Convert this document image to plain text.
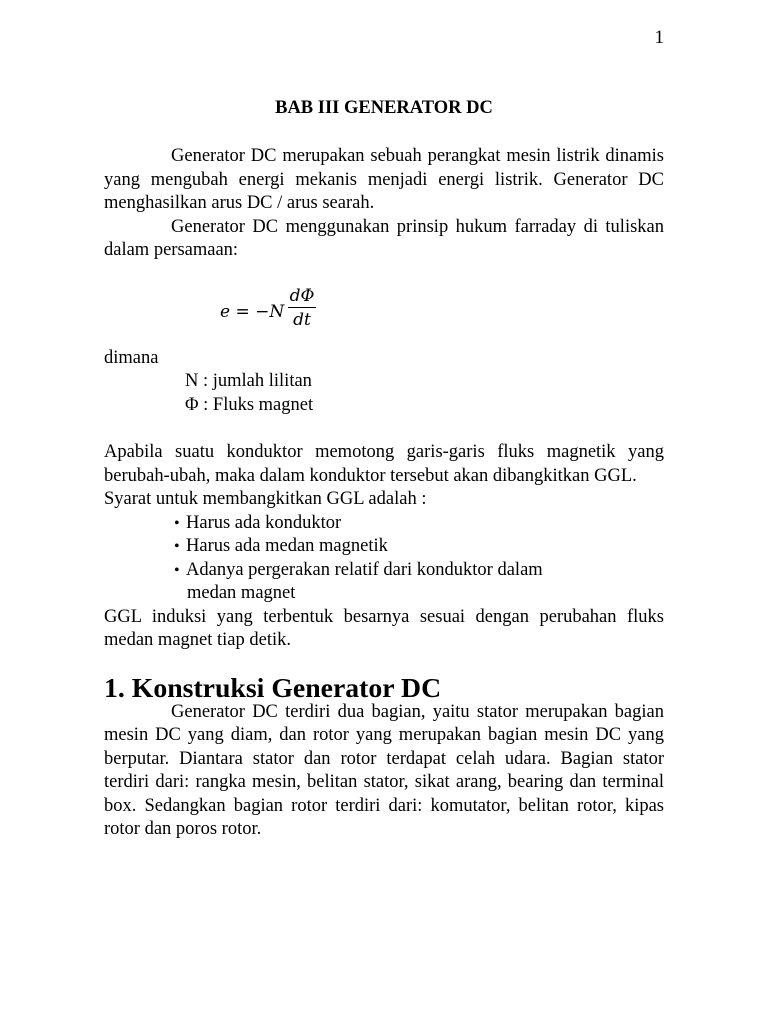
1
BAB III GENERATOR DC

Generator DC merupakan sebuah perangkat mesin listrik dinamis yang mengubah energi mekanis menjadi energi listrik. Generator DC menghasilkan arus DC / arus searah.

Generator DC menggunakan prinsip hukum farraday di tuliskan dalam persamaan:

$e = -N \frac{d\Phi}{dt}$

dimana

N : jumlah lilitan

Φ : Fluks magnet

Apabila suatu konduktor memotong garis-garis fluks magnetik yang berubah-ubah, maka dalam konduktor tersebut akan dibangkitkan GGL.

Syarat untuk membangkitkan GGL adalah :

• Harus ada konduktor

• Harus ada medan magnetik

• Adanya pergerakan relatif dari konduktor dalam

medan magnet

GGL induksi yang terbentuk besarnya sesuai dengan perubahan fluks medan magnet tiap detik.

1. Konstruksi Generator DC

Generator DC terdiri dua bagian, yaitu stator merupakan bagian mesin DC yang diam, dan rotor yang merupakan bagian mesin DC yang berputar. Diantara stator dan rotor terdapat celah udara. Bagian stator terdiri dari: rangka mesin, belitan stator, sikat arang, bearing dan terminal box. Sedangkan bagian rotor terdiri dari: komutator, belitan rotor, kipas rotor dan poros rotor.
